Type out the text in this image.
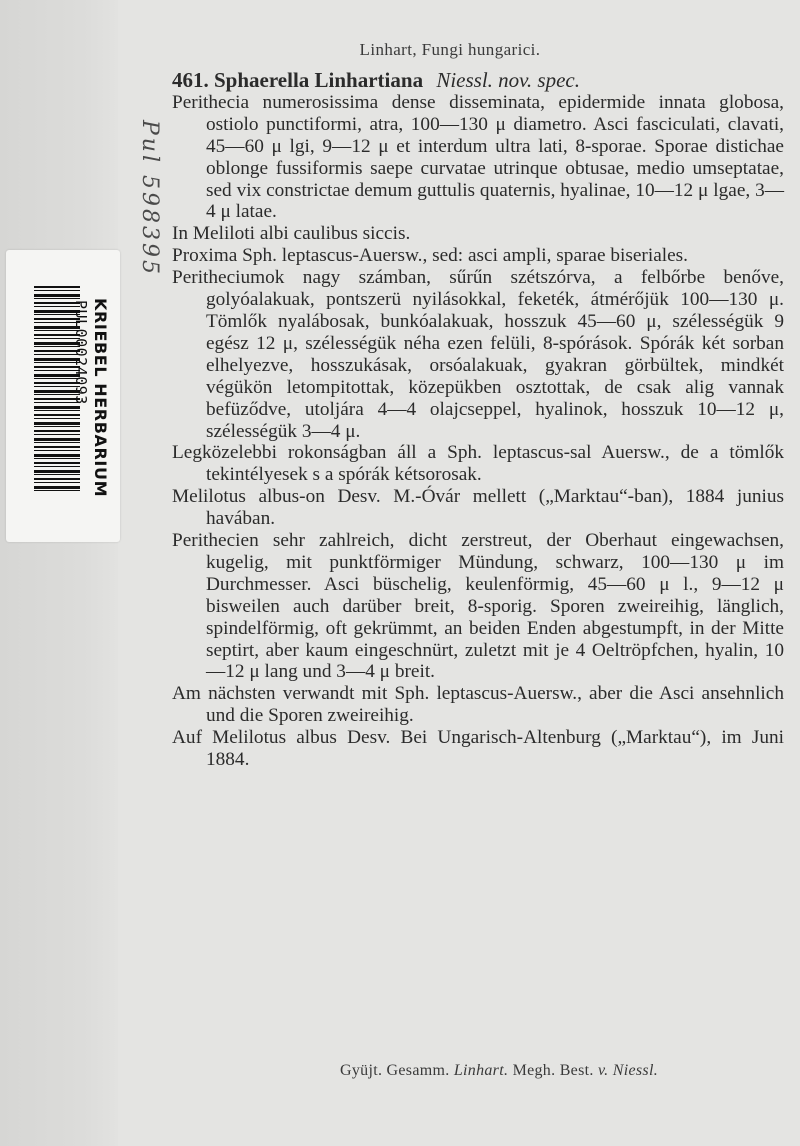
KRIEBEL HERBARIUM
PUL00024093
Pul 598395
Linhart, Fungi hungarici.
461. Sphaerella Linhartiana Niessl. nov. spec.

Perithecia numerosissima dense disseminata, epidermide innata globosa, ostiolo punctiformi, atra, 100—130 μ diametro. Asci fasciculati, clavati, 45—60 μ lgi, 9—12 μ et interdum ultra lati, 8-sporae. Sporae distichae oblonge fussiformis saepe curvatae utrinque obtusae, medio umseptatae, sed vix constrictae demum guttulis quaternis, hyalinae, 10—12 μ lgae, 3—4 μ latae.

In Meliloti albi caulibus siccis.

Proxima Sph. leptascus-Auersw., sed: asci ampli, sparae biseriales.

Peritheciumok nagy számban, sűrűn szétszórva, a felbőrbe benőve, golyóalakuak, pontszerü nyilásokkal, feketék, átmérőjük 100—130 μ. Tömlők nyalábosak, bunkóalakuak, hosszuk 45—60 μ, szélességük 9 egész 12 μ, szélességük néha ezen felüli, 8-spórások. Spórák két sorban elhelyezve, hosszukásak, orsóalakuak, gyakran görbültek, mindkét végükön letompitottak, közepükben osztottak, de csak alig vannak befüződve, utoljára 4—4 olajcseppel, hyalinok, hosszuk 10—12 μ, szélességük 3—4 μ.

Legközelebbi rokonságban áll a Sph. leptascus-sal Auersw., de a tömlők tekintélyesek s a spórák kétsorosak.

Melilotus albus-on Desv. M.-Óvár mellett („Marktau“-ban), 1884 junius havában.

Perithecien sehr zahlreich, dicht zerstreut, der Oberhaut eingewachsen, kugelig, mit punktförmiger Mündung, schwarz, 100—130 μ im Durchmesser. Asci büschelig, keulenförmig, 45—60 μ l., 9—12 μ bisweilen auch darüber breit, 8-sporig. Sporen zweireihig, länglich, spindelförmig, oft gekrümmt, an beiden Enden abgestumpft, in der Mitte septirt, aber kaum eingeschnürt, zuletzt mit je 4 Oeltröpfchen, hyalin, 10—12 μ lang und 3—4 μ breit.

Am nächsten verwandt mit Sph. leptascus-Auersw., aber die Asci ansehnlich und die Sporen zweireihig.

Auf Melilotus albus Desv. Bei Ungarisch-Altenburg („Marktau“), im Juni 1884.

Gyüjt. Gesamm. Linhart. Megh. Best. v. Niessl.
